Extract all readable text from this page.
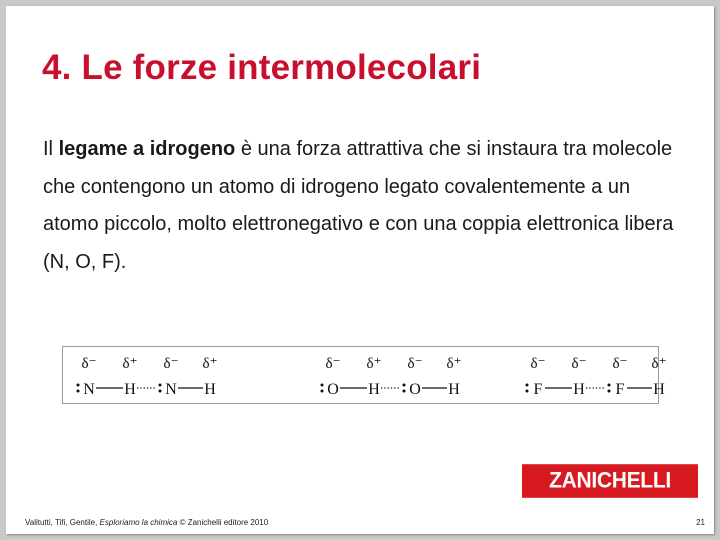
4. Le forze intermolecolari

Il legame a idrogeno è una forza attrattiva che si instaura tra molecole che contengono un atomo di idrogeno legato covalentemente a un atomo piccolo, molto elettronegativo e con una coppia elettronica libera (N, O, F).

δ⁻ δ⁺ δ⁻ δ⁺
N H N H
δ⁻ δ⁺ δ⁻ δ⁺
O H O H
δ⁻ δ⁻ δ⁻ δ⁺
F H F H
ZANICHELLI
Valitutti, Tifi, Gentile, Esploriamo la chimica © Zanichelli editore 2010	21
